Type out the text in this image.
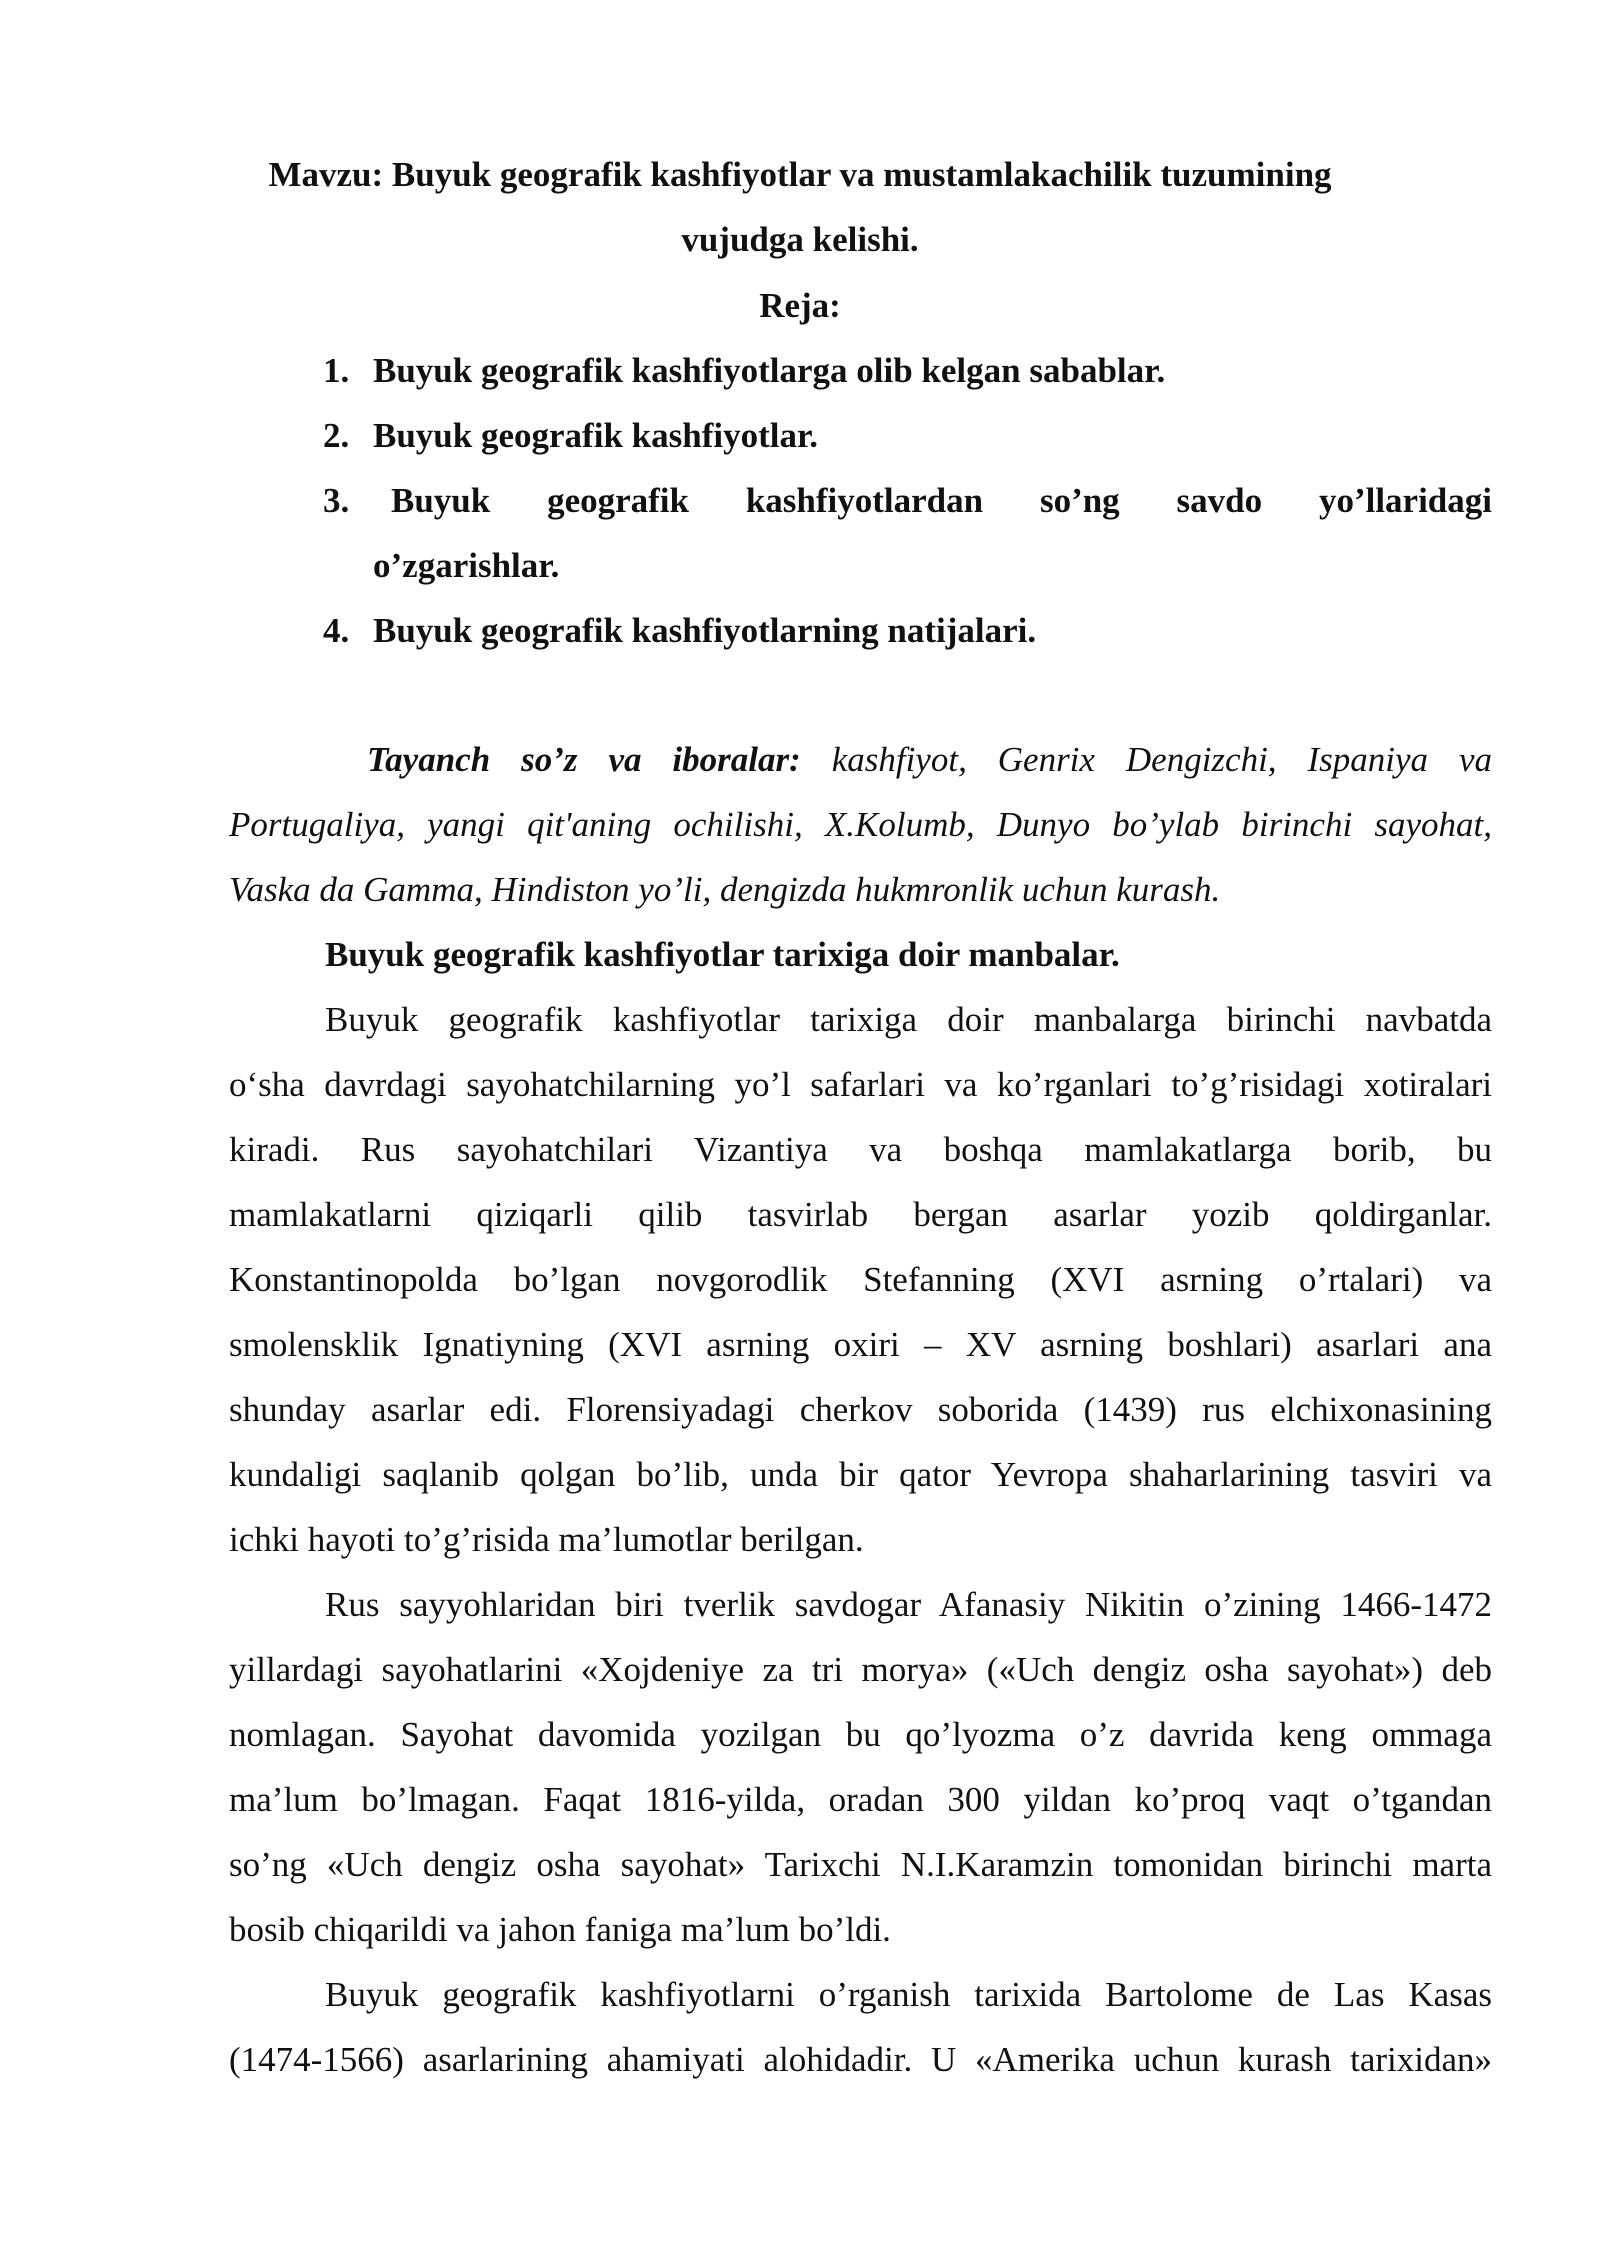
Mavzu: Buyuk geografik kashfiyotlar va mustamlakachilik tuzumining
vujudga kelishi.
Reja:
1. Buyuk geografik kashfiyotlarga olib kelgan sabablar.
2. Buyuk geografik kashfiyotlar.
3. Buyuk    geografik    kashfiyotlardan    so’ng    savdo    yo’llaridagi
o’zgarishlar.
4. Buyuk geografik kashfiyotlarning natijalari.
Tayanch so’z va iboralar: kashfiyot, Genrix Dengizchi, Ispaniya va
Portugaliya, yangi qit'aning ochilishi, X.Kolumb, Dunyo bo’ylab birinchi sayohat,
Vaska da Gamma, Hindiston yo’li, dengizda hukmronlik uchun kurash.
Buyuk geografik kashfiyotlar tarixiga doir manbalar.
Buyuk geografik kashfiyotlar tarixiga doir manbalarga birinchi navbatda
o‘sha davrdagi sayohatchilarning yo’l safarlari va ko’rganlari to’g’risidagi xotiralari
kiradi. Rus sayohatchilari Vizantiya va boshqa mamlakatlarga borib, bu
mamlakatlarni qiziqarli qilib tasvirlab bergan asarlar yozib qoldirganlar.
Konstantinopolda bo’lgan novgorodlik Stefanning (XVI asrning o’rtalari) va
smolensklik Ignatiyning (XVI asrning oxiri – XV asrning boshlari) asarlari ana
shunday asarlar edi. Florensiyadagi cherkov soborida (1439) rus elchixonasining
kundaligi saqlanib qolgan bo’lib, unda bir qator Yevropa shaharlarining tasviri va
ichki hayoti to’g’risida ma’lumotlar berilgan.
Rus sayyohlaridan biri tverlik savdogar Afanasiy Nikitin o’zining 1466-1472
yillardagi sayohatlarini «Xojdeniye za tri morya» («Uch dengiz osha sayohat») deb
nomlagan. Sayohat davomida yozilgan bu qo’lyozma o’z davrida keng ommaga
ma’lum bo’lmagan. Faqat 1816-yilda, oradan 300 yildan ko’proq vaqt o’tgandan
so’ng «Uch dengiz osha sayohat» Tarixchi N.I.Karamzin tomonidan birinchi marta
bosib chiqarildi va jahon faniga ma’lum bo’ldi.
Buyuk geografik kashfiyotlarni o’rganish tarixida Bartolome de Las Kasas
(1474-1566) asarlarining ahamiyati alohidadir. U «Amerika uchun kurash tarixidan»
